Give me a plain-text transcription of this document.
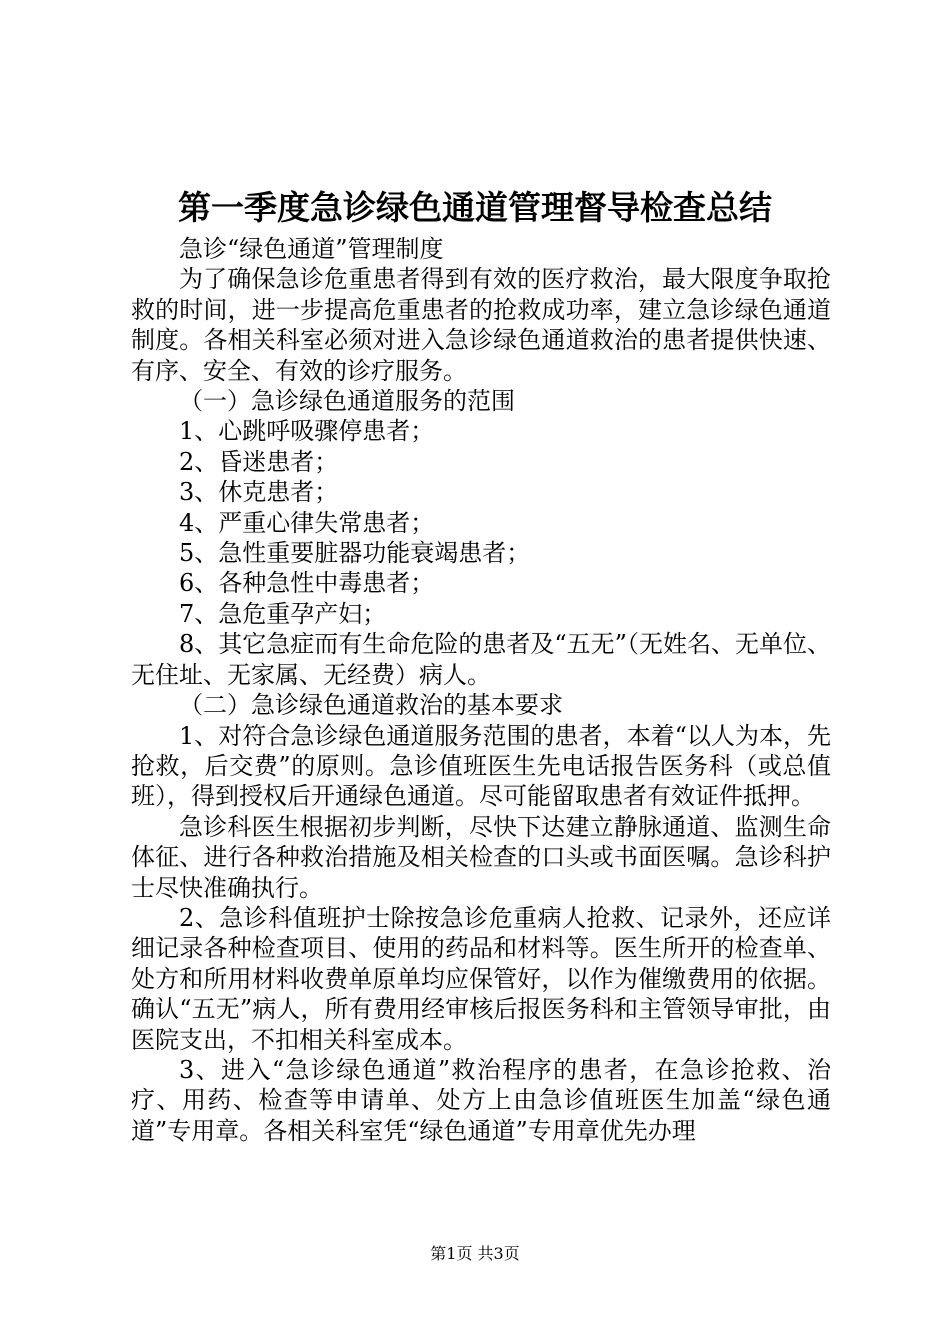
第一季度急诊绿色通道管理督导检查总结

急诊“绿色通道”管理制度

为了确保急诊危重患者得到有效的医疗救治，最大限度争取抢救的时间，进一步提高危重患者的抢救成功率，建立急诊绿色通道制度。各相关科室必须对进入急诊绿色通道救治的患者提供快速、有序、安全、有效的诊疗服务。

（一）急诊绿色通道服务的范围

1、心跳呼吸骤停患者；

2、昏迷患者；

3、休克患者；

4、严重心律失常患者；

5、急性重要脏器功能衰竭患者；

6、各种急性中毒患者；

7、急危重孕产妇；

8、其它急症而有生命危险的患者及“五无”（无姓名、无单位、无住址、无家属、无经费）病人。

（二）急诊绿色通道救治的基本要求

1、对符合急诊绿色通道服务范围的患者，本着“以人为本，先抢救，后交费”的原则。急诊值班医生先电话报告医务科（或总值班），得到授权后开通绿色通道。尽可能留取患者有效证件抵押。

急诊科医生根据初步判断，尽快下达建立静脉通道、监测生命体征、进行各种救治措施及相关检查的口头或书面医嘱。急诊科护士尽快准确执行。

2、急诊科值班护士除按急诊危重病人抢救、记录外，还应详细记录各种检查项目、使用的药品和材料等。医生所开的检查单、处方和所用材料收费单原单均应保管好，以作为催缴费用的依据。确认“五无”病人，所有费用经审核后报医务科和主管领导审批，由医院支出，不扣相关科室成本。

3、进入“急诊绿色通道”救治程序的患者，在急诊抢救、治疗、用药、检查等申请单、处方上由急诊值班医生加盖“绿色通道”专用章。各相关科室凭“绿色通道”专用章优先办理

第1页 共3页
